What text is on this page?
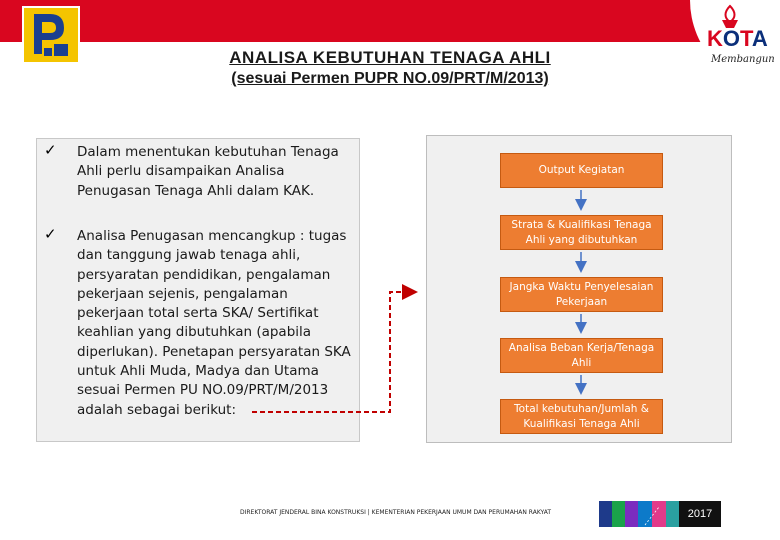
KOTA
Membangun
ANALISA KEBUTUHAN TENAGA AHLI
(sesuai Permen PUPR NO.09/PRT/M/2013)
✓ Dalam menentukan kebutuhan Tenaga Ahli perlu disampaikan Analisa Penugasan Tenaga Ahli dalam KAK.
✓ Analisa Penugasan mencangkup : tugas dan tanggung jawab tenaga ahli, persyaratan pendidikan, pengalaman pekerjaan sejenis, pengalaman pekerjaan total serta SKA/ Sertifikat keahlian yang dibutuhkan (apabila diperlukan). Penetapan persyaratan SKA untuk Ahli Muda, Madya dan Utama sesuai Permen PU NO.09/PRT/M/2013 adalah sebagai berikut:
Output Kegiatan
Strata & Kualifikasi Tenaga Ahli yang dibutuhkan
Jangka Waktu Penyelesaian Pekerjaan
Analisa Beban Kerja/Tenaga Ahli
Total kebutuhan/Jumlah & Kualifikasi Tenaga Ahli
DIREKTORAT JENDERAL BINA KONSTRUKSI | KEMENTERIAN PEKERJAAN UMUM DAN PERUMAHAN RAKYAT	2017
